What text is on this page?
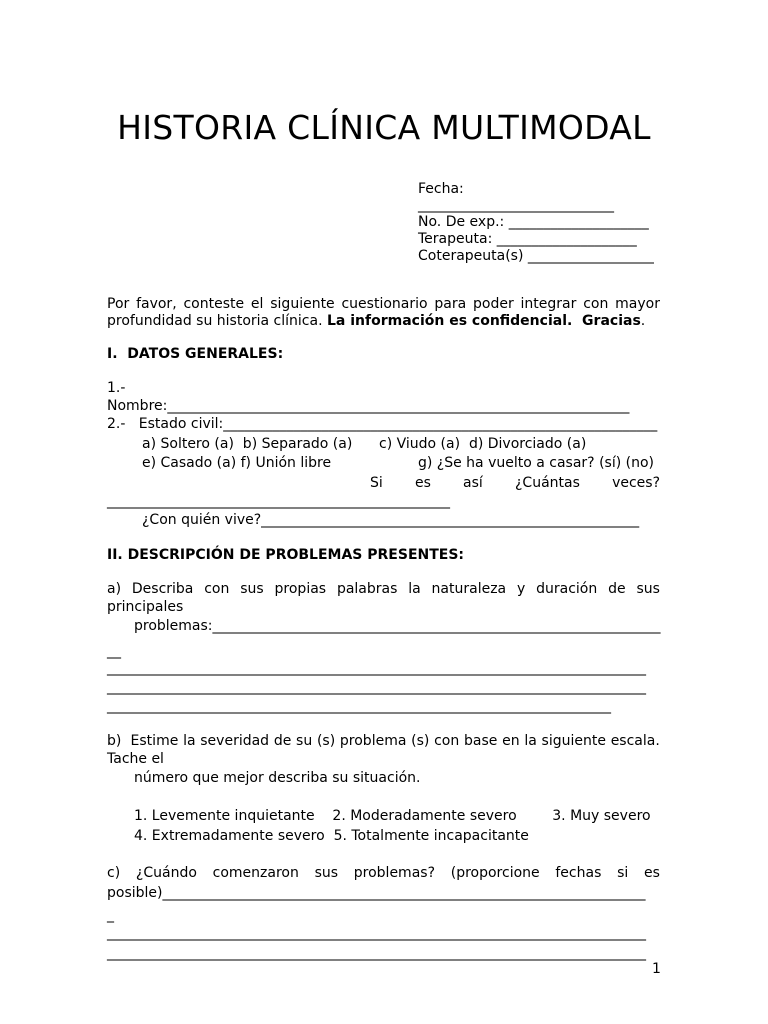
HISTORIA CLÍNICA MULTIMODAL
Fecha:
____________________________
No. De exp.: ____________________
Terapeuta: ____________________
Coterapeuta(s) __________________
Por favor, conteste el siguiente cuestionario para poder integrar con mayor
profundidad su historia clínica. La información es confidencial.  Gracias.
I.  DATOS GENERALES:
1.-
Nombre:__________________________________________________________________
2.-   Estado civil:______________________________________________________________
a) Soltero (a)  b) Separado (a)      c) Viudo (a)  d) Divorciado (a)
e) Casado (a) f) Unión libre	g) ¿Se ha vuelto a casar? (sí) (no)
Si es así ¿Cuántas veces?
_________________________________________________
¿Con quién vive?______________________________________________________
II. DESCRIPCIÓN DE PROBLEMAS PRESENTES:
a) Describa con sus propias palabras la naturaleza y duración de sus
principales
problemas:________________________________________________________________
__
_____________________________________________________________________________
_____________________________________________________________________________
________________________________________________________________________
b) Estime la severidad de su (s) problema (s) con base en la siguiente escala.
Tache el
número que mejor describa su situación.
1. Levemente inquietante    2. Moderadamente severo        3. Muy severo
4. Extremadamente severo  5. Totalmente incapacitante
c) ¿Cuándo comenzaron sus problemas? (proporcione fechas si es
posible)_____________________________________________________________________
_
_____________________________________________________________________________
_____________________________________________________________________________
1
